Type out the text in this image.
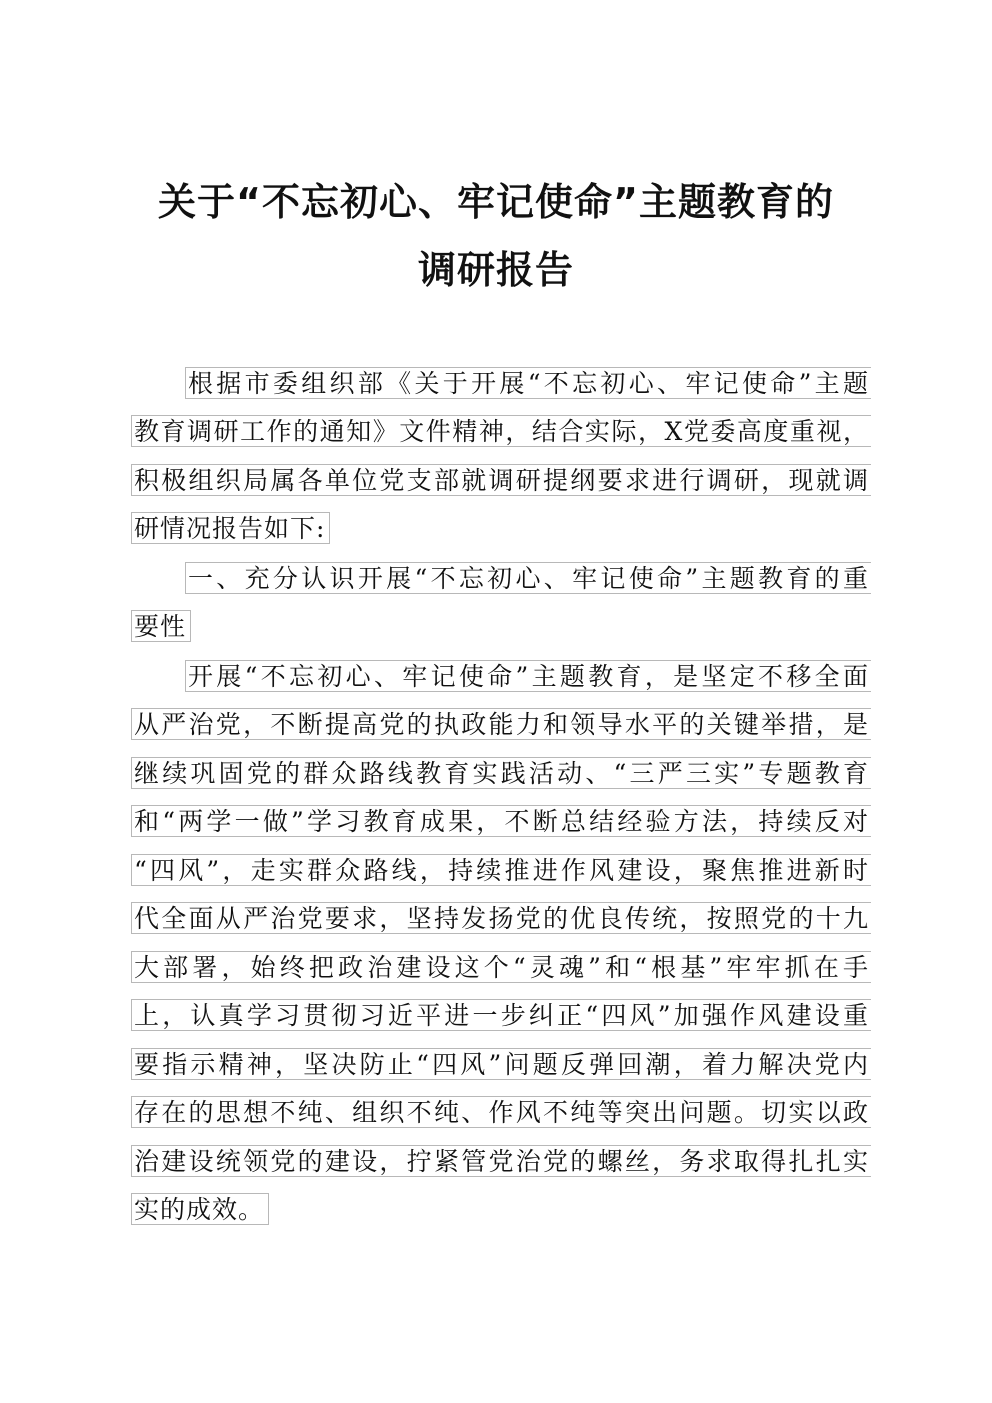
关于“不忘初心、牢记使命”主题教育的
调研报告
根据市委组织部《关于开展“不忘初心、牢记使命”主题
教育调研工作的通知》文件精神，结合实际，X党委高度重视，
积极组织局属各单位党支部就调研提纲要求进行调研，现就调
研情况报告如下:
一、充分认识开展“不忘初心、牢记使命”主题教育的重
要性
开展“不忘初心、牢记使命”主题教育，是坚定不移全面
从严治党，不断提高党的执政能力和领导水平的关键举措，是
继续巩固党的群众路线教育实践活动、“三严三实”专题教育
和“两学一做”学习教育成果，不断总结经验方法，持续反对
“四风”，走实群众路线，持续推进作风建设，聚焦推进新时
代全面从严治党要求，坚持发扬党的优良传统，按照党的十九
大部署，始终把政治建设这个“灵魂”和“根基”牢牢抓在手
上，认真学习贯彻习近平进一步纠正“四风”加强作风建设重
要指示精神，坚决防止“四风”问题反弹回潮，着力解决党内
存在的思想不纯、组织不纯、作风不纯等突出问题。切实以政
治建设统领党的建设，拧紧管党治党的螺丝，务求取得扎扎实
实的成效。
